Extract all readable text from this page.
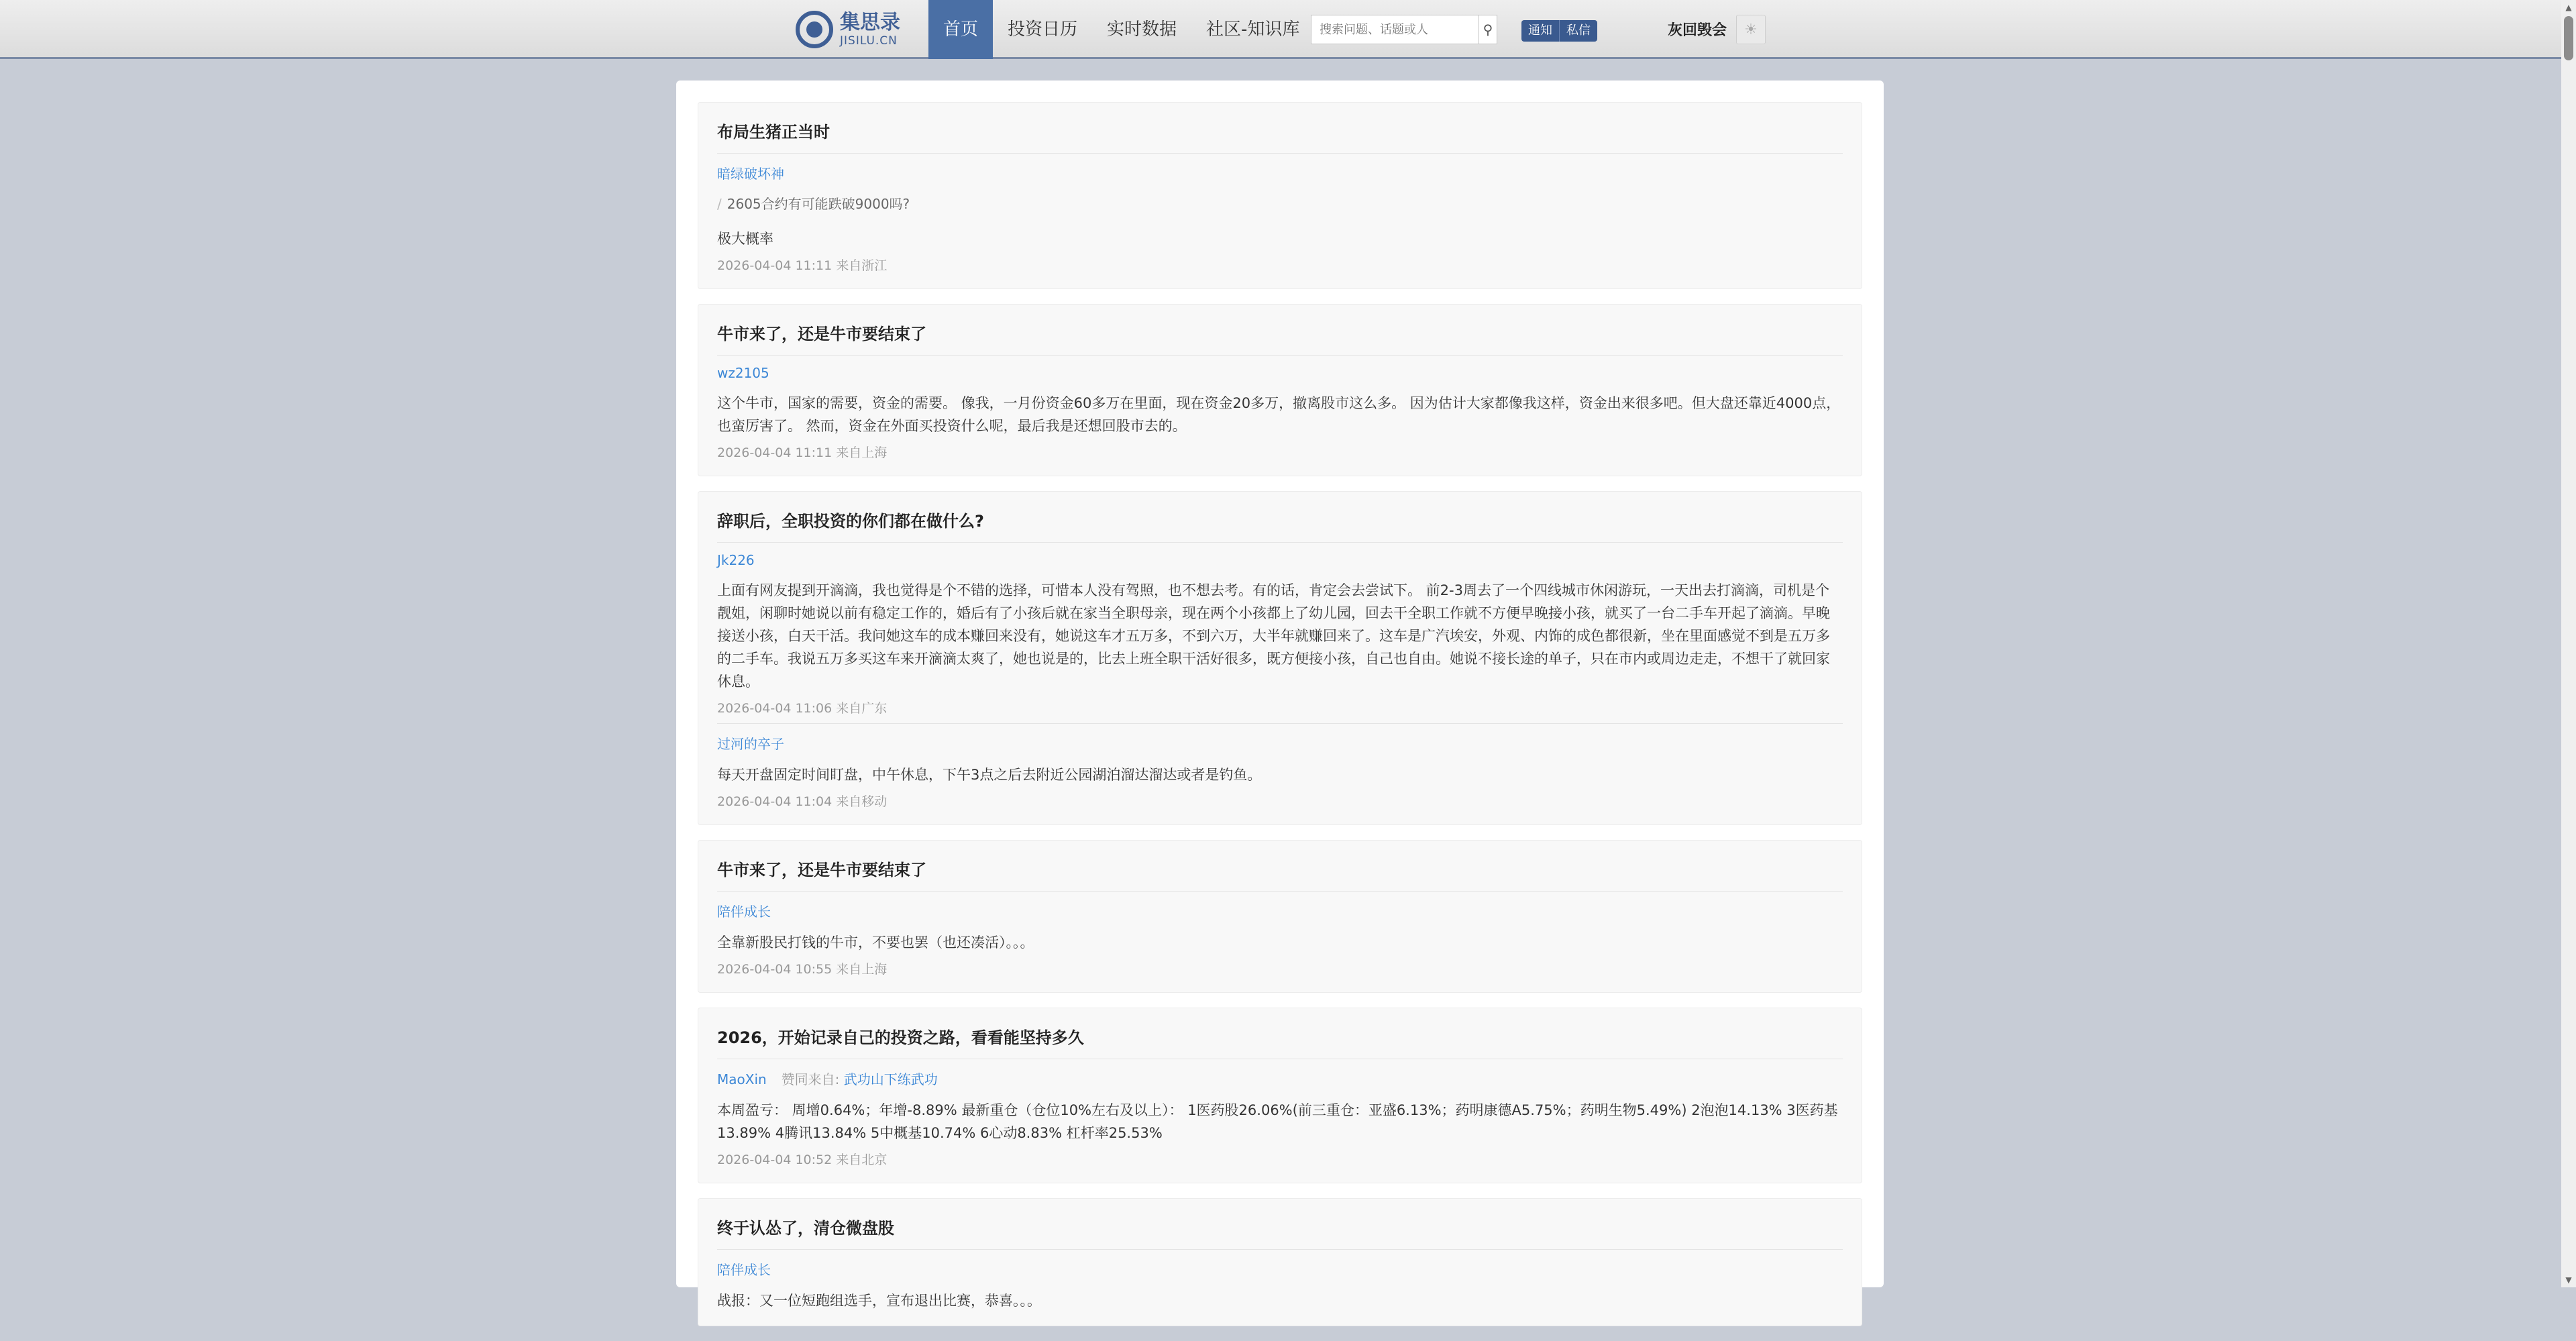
集思录
JISILU.CN
首页	投资日历	实时数据	社区-知识库
搜索问题、话题或人	⚲	通知	私信	灰回毁会	☀
▲
▼
布局生猪正当时
暗绿破坏神
/ 2605合约有可能跌破9000吗?
极大概率
2026-04-04 11:11 来自浙江
牛市来了，还是牛市要结束了
wz2105
这个牛市，国家的需要，资金的需要。 像我，一月份资金60多万在里面，现在资金20多万，撤离股市这么多。 因为估计大家都像我这样，资金出来很多吧。但大盘还靠近4000点，也蛮厉害了。 然而，资金在外面买投资什么呢，最后我是还想回股市去的。
2026-04-04 11:11 来自上海
辞职后，全职投资的你们都在做什么?
Jk226
上面有网友提到开滴滴，我也觉得是个不错的选择，可惜本人没有驾照，也不想去考。有的话，肯定会去尝试下。 前2-3周去了一个四线城市休闲游玩，一天出去打滴滴，司机是个靓姐，闲聊时她说以前有稳定工作的，婚后有了小孩后就在家当全职母亲，现在两个小孩都上了幼儿园，回去干全职工作就不方便早晚接小孩，就买了一台二手车开起了滴滴。早晚接送小孩，白天干活。我问她这车的成本赚回来没有，她说这车才五万多，不到六万，大半年就赚回来了。这车是广汽埃安，外观、内饰的成色都很新，坐在里面感觉不到是五万多的二手车。我说五万多买这车来开滴滴太爽了，她也说是的，比去上班全职干活好很多，既方便接小孩，自己也自由。她说不接长途的单子，只在市内或周边走走，不想干了就回家休息。
2026-04-04 11:06 来自广东
过河的卒子
每天开盘固定时间盯盘，中午休息，下午3点之后去附近公园湖泊溜达溜达或者是钓鱼。
2026-04-04 11:04 来自移动
牛市来了，还是牛市要结束了
陪伴成长
全靠新股民打钱的牛市，不要也罢（也还凑活）。。。
2026-04-04 10:55 来自上海
2026，开始记录自己的投资之路，看看能坚持多久
MaoXin 赞同来自: 武功山下练武功
本周盈亏： 周增0.64%；年增-8.89% 最新重仓（仓位10%左右及以上）： 1医药股26.06%(前三重仓：亚盛6.13%；药明康德A5.75%；药明生物5.49%) 2泡泡14.13% 3医药基13.89% 4腾讯13.84% 5中概基10.74% 6心动8.83% 杠杆率25.53%
2026-04-04 10:52 来自北京
终于认怂了，清仓微盘股
陪伴成长
战报：又一位短跑组选手，宣布退出比赛，恭喜。。。
